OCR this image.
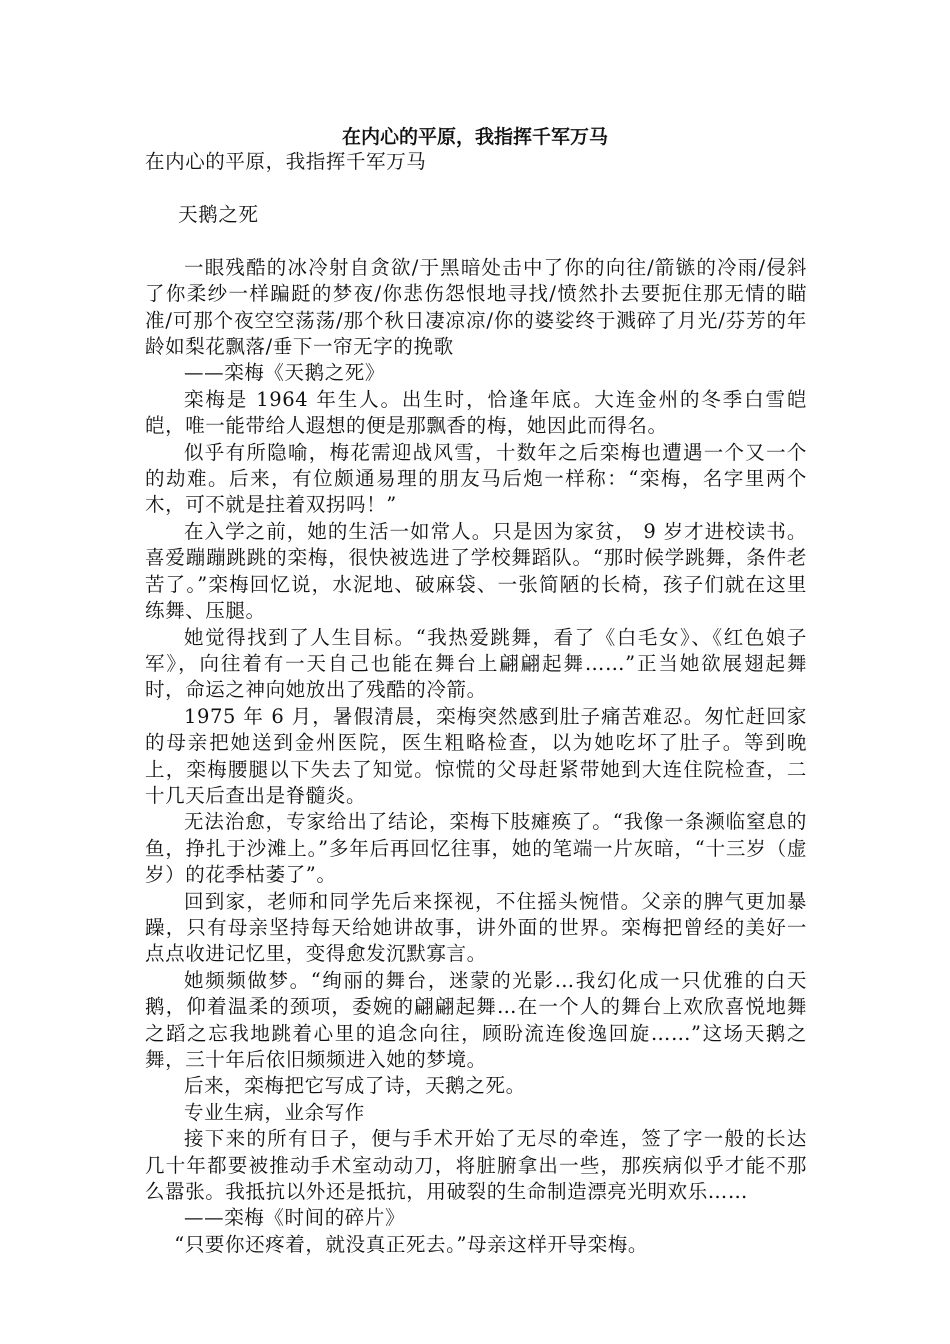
在内心的平原，我指挥千军万马

在内心的平原，我指挥千军万马

天鹅之死

一眼残酷的冰冷射自贪欲/于黑暗处击中了你的向往/箭镞的冷雨/侵斜了你柔纱一样蹁跹的梦夜/你悲伤怨恨地寻找/愤然扑去要扼住那无情的瞄准/可那个夜空空荡荡/那个秋日凄凉凉/你的婆娑终于溅碎了月光/芬芳的年龄如梨花飘落/垂下一帘无字的挽歌

——栾梅《天鹅之死》

栾梅是 1964 年生人。出生时，恰逢年底。大连金州的冬季白雪皑皑，唯一能带给人遐想的便是那飘香的梅，她因此而得名。

似乎有所隐喻，梅花需迎战风雪，十数年之后栾梅也遭遇一个又一个的劫难。后来，有位颇通易理的朋友马后炮一样称：“栾梅，名字里两个木，可不就是拄着双拐吗！”

在入学之前，她的生活一如常人。只是因为家贫， 9 岁才进校读书。喜爱蹦蹦跳跳的栾梅，很快被选进了学校舞蹈队。“那时候学跳舞，条件老苦了。”栾梅回忆说，水泥地、破麻袋、一张简陋的长椅，孩子们就在这里练舞、压腿。

她觉得找到了人生目标。“我热爱跳舞，看了《白毛女》、《红色娘子军》，向往着有一天自己也能在舞台上翩翩起舞……”正当她欲展翅起舞时，命运之神向她放出了残酷的冷箭。

1975 年 6 月，暑假清晨，栾梅突然感到肚子痛苦难忍。匆忙赶回家的母亲把她送到金州医院，医生粗略检查，以为她吃坏了肚子。等到晚上，栾梅腰腿以下失去了知觉。惊慌的父母赶紧带她到大连住院检查，二十几天后查出是脊髓炎。

无法治愈，专家给出了结论，栾梅下肢瘫痪了。“我像一条濒临窒息的鱼，挣扎于沙滩上。”多年后再回忆往事，她的笔端一片灰暗，“十三岁（虚岁）的花季枯萎了”。

回到家，老师和同学先后来探视，不住摇头惋惜。父亲的脾气更加暴躁，只有母亲坚持每天给她讲故事，讲外面的世界。栾梅把曾经的美好一点点收进记忆里，变得愈发沉默寡言。

她频频做梦。“绚丽的舞台，迷蒙的光影…我幻化成一只优雅的白天鹅，仰着温柔的颈项，委婉的翩翩起舞…在一个人的舞台上欢欣喜悦地舞之蹈之忘我地跳着心里的追念向往，顾盼流连俊逸回旋……”这场天鹅之舞，三十年后依旧频频进入她的梦境。

后来，栾梅把它写成了诗，天鹅之死。

专业生病，业余写作

接下来的所有日子，便与手术开始了无尽的牵连，签了字一般的长达几十年都要被推动手术室动动刀，将脏腑拿出一些，那疾病似乎才能不那么嚣张。我抵抗以外还是抵抗，用破裂的生命制造漂亮光明欢乐……

——栾梅《时间的碎片》

“只要你还疼着，就没真正死去。”母亲这样开导栾梅。
